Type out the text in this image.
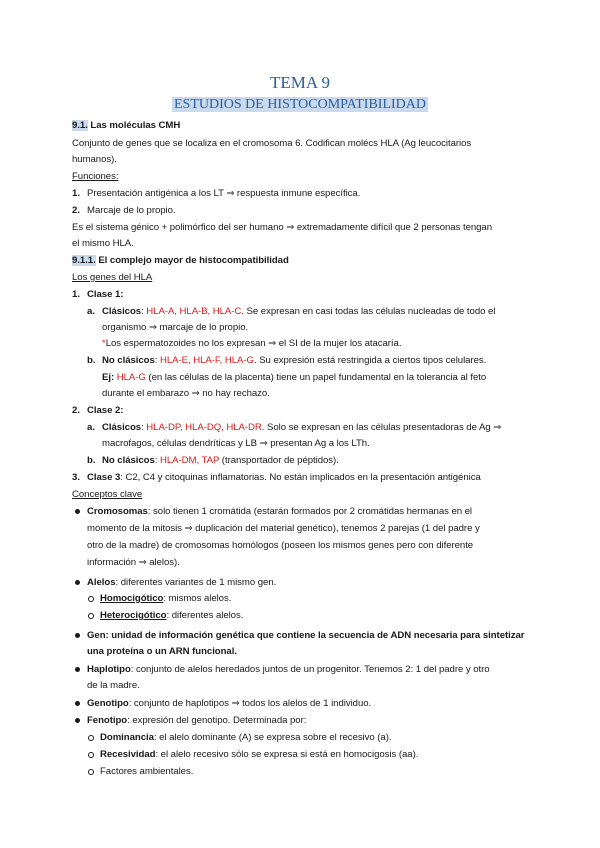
TEMA 9
ESTUDIOS DE HISTOCOMPATIBILIDAD
9.1. Las moléculas CMH
Conjunto de genes que se localiza en el cromosoma 6. Codifican molécs HLA (Ag leucocitarios
humanos).
Funciones:
1. Presentación antigénica a los LT ⇒ respuesta inmune específica.
2. Marcaje de lo propio.
Es el sistema génico + polimórfico del ser humano ⇒ extremadamente difícil que 2 personas tengan
el mismo HLA.
9.1.1. El complejo mayor de histocompatibilidad
Los genes del HLA
1. Clase 1:
a. Clásicos: HLA-A, HLA-B, HLA-C. Se expresan en casi todas las células nucleadas de todo el
organismo ⇒ marcaje de lo propio.
*Los espermatozoides no los expresan ⇒ el SI de la mujer los atacaría.
b. No clásicos: HLA-E, HLA-F, HLA-G. Su expresión está restringida a ciertos tipos celulares.
Ej: HLA-G (en las células de la placenta) tiene un papel fundamental en la tolerancia al feto
durante el embarazo ⇒ no hay rechazo.
2. Clase 2:
a. Clásicos: HLA-DP, HLA-DQ, HLA-DR. Solo se expresan en las células presentadoras de Ag ⇒
macrofagos, células dendríticas y LB ⇒ presentan Ag a los LTh.
b. No clásicos: HLA-DM, TAP (transportador de péptidos).
3. Clase 3: C2, C4 y citoquinas inflamatorias. No están implicados en la presentación antigénica
Conceptos clave
Cromosomas: solo tienen 1 cromátida (estarán formados por 2 cromátidas hermanas en el
momento de la mitosis ⇒ duplicación del material genético), tenemos 2 parejas (1 del padre y
otro de la madre) de cromosomas homólogos (poseen los mismos genes pero con diferente
información ⇒ alelos).
Alelos: diferentes variantes de 1 mismo gen.
Homocigótico: mismos alelos.
Heterocigótico: diferentes alelos.
Gen: unidad de información genética que contiene la secuencia de ADN necesaria para sintetizar
una proteína o un ARN funcional.
Haplotipo: conjunto de alelos heredados juntos de un progenitor. Tenemos 2: 1 del padre y otro
de la madre.
Genotipo: conjunto de haplotipos ⇒ todos los alelos de 1 individuo.
Fenotipo: expresión del genotipo. Determinada por:
Dominancia: el alelo dominante (A) se expresa sobre el recesivo (a).
Recesividad: el alelo recesivo sólo se expresa si está en homocigosis (aa).
Factores ambientales.
